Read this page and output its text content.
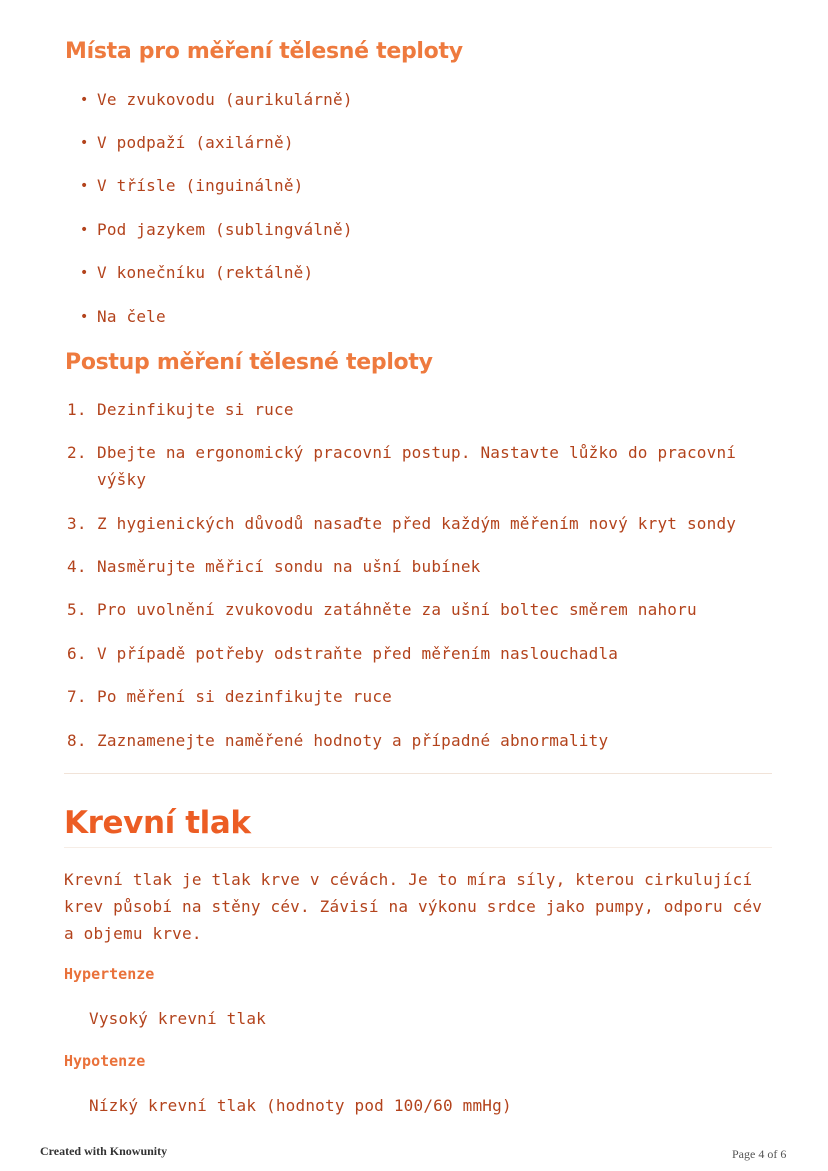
Místa pro měření tělesné teploty
• Ve zvukovodu (aurikulárně)
• V podpaží (axilárně)
• V třísle (inguinálně)
• Pod jazykem (sublingválně)
• V konečníku (rektálně)
• Na čele
Postup měření tělesné teploty
1. Dezinfikujte si ruce
2. Dbejte na ergonomický pracovní postup. Nastavte lůžko do pracovní výšky
3. Z hygienických důvodů nasaďte před každým měřením nový kryt sondy
4. Nasměrujte měřicí sondu na ušní bubínek
5. Pro uvolnění zvukovodu zatáhněte za ušní boltec směrem nahoru
6. V případě potřeby odstraňte před měřením naslouchadla
7. Po měření si dezinfikujte ruce
8. Zaznamenejte naměřené hodnoty a případné abnormality
Krevní tlak

Krevní tlak je tlak krve v cévách. Je to míra síly, kterou cirkulující krev působí na stěny cév. Závisí na výkonu srdce jako pumpy, odporu cév a objemu krve.

Hypertenze
Vysoký krevní tlak
Hypotenze
Nízký krevní tlak (hodnoty pod 100/60 mmHg)
Created with Knowunity	Page 4 of 6
